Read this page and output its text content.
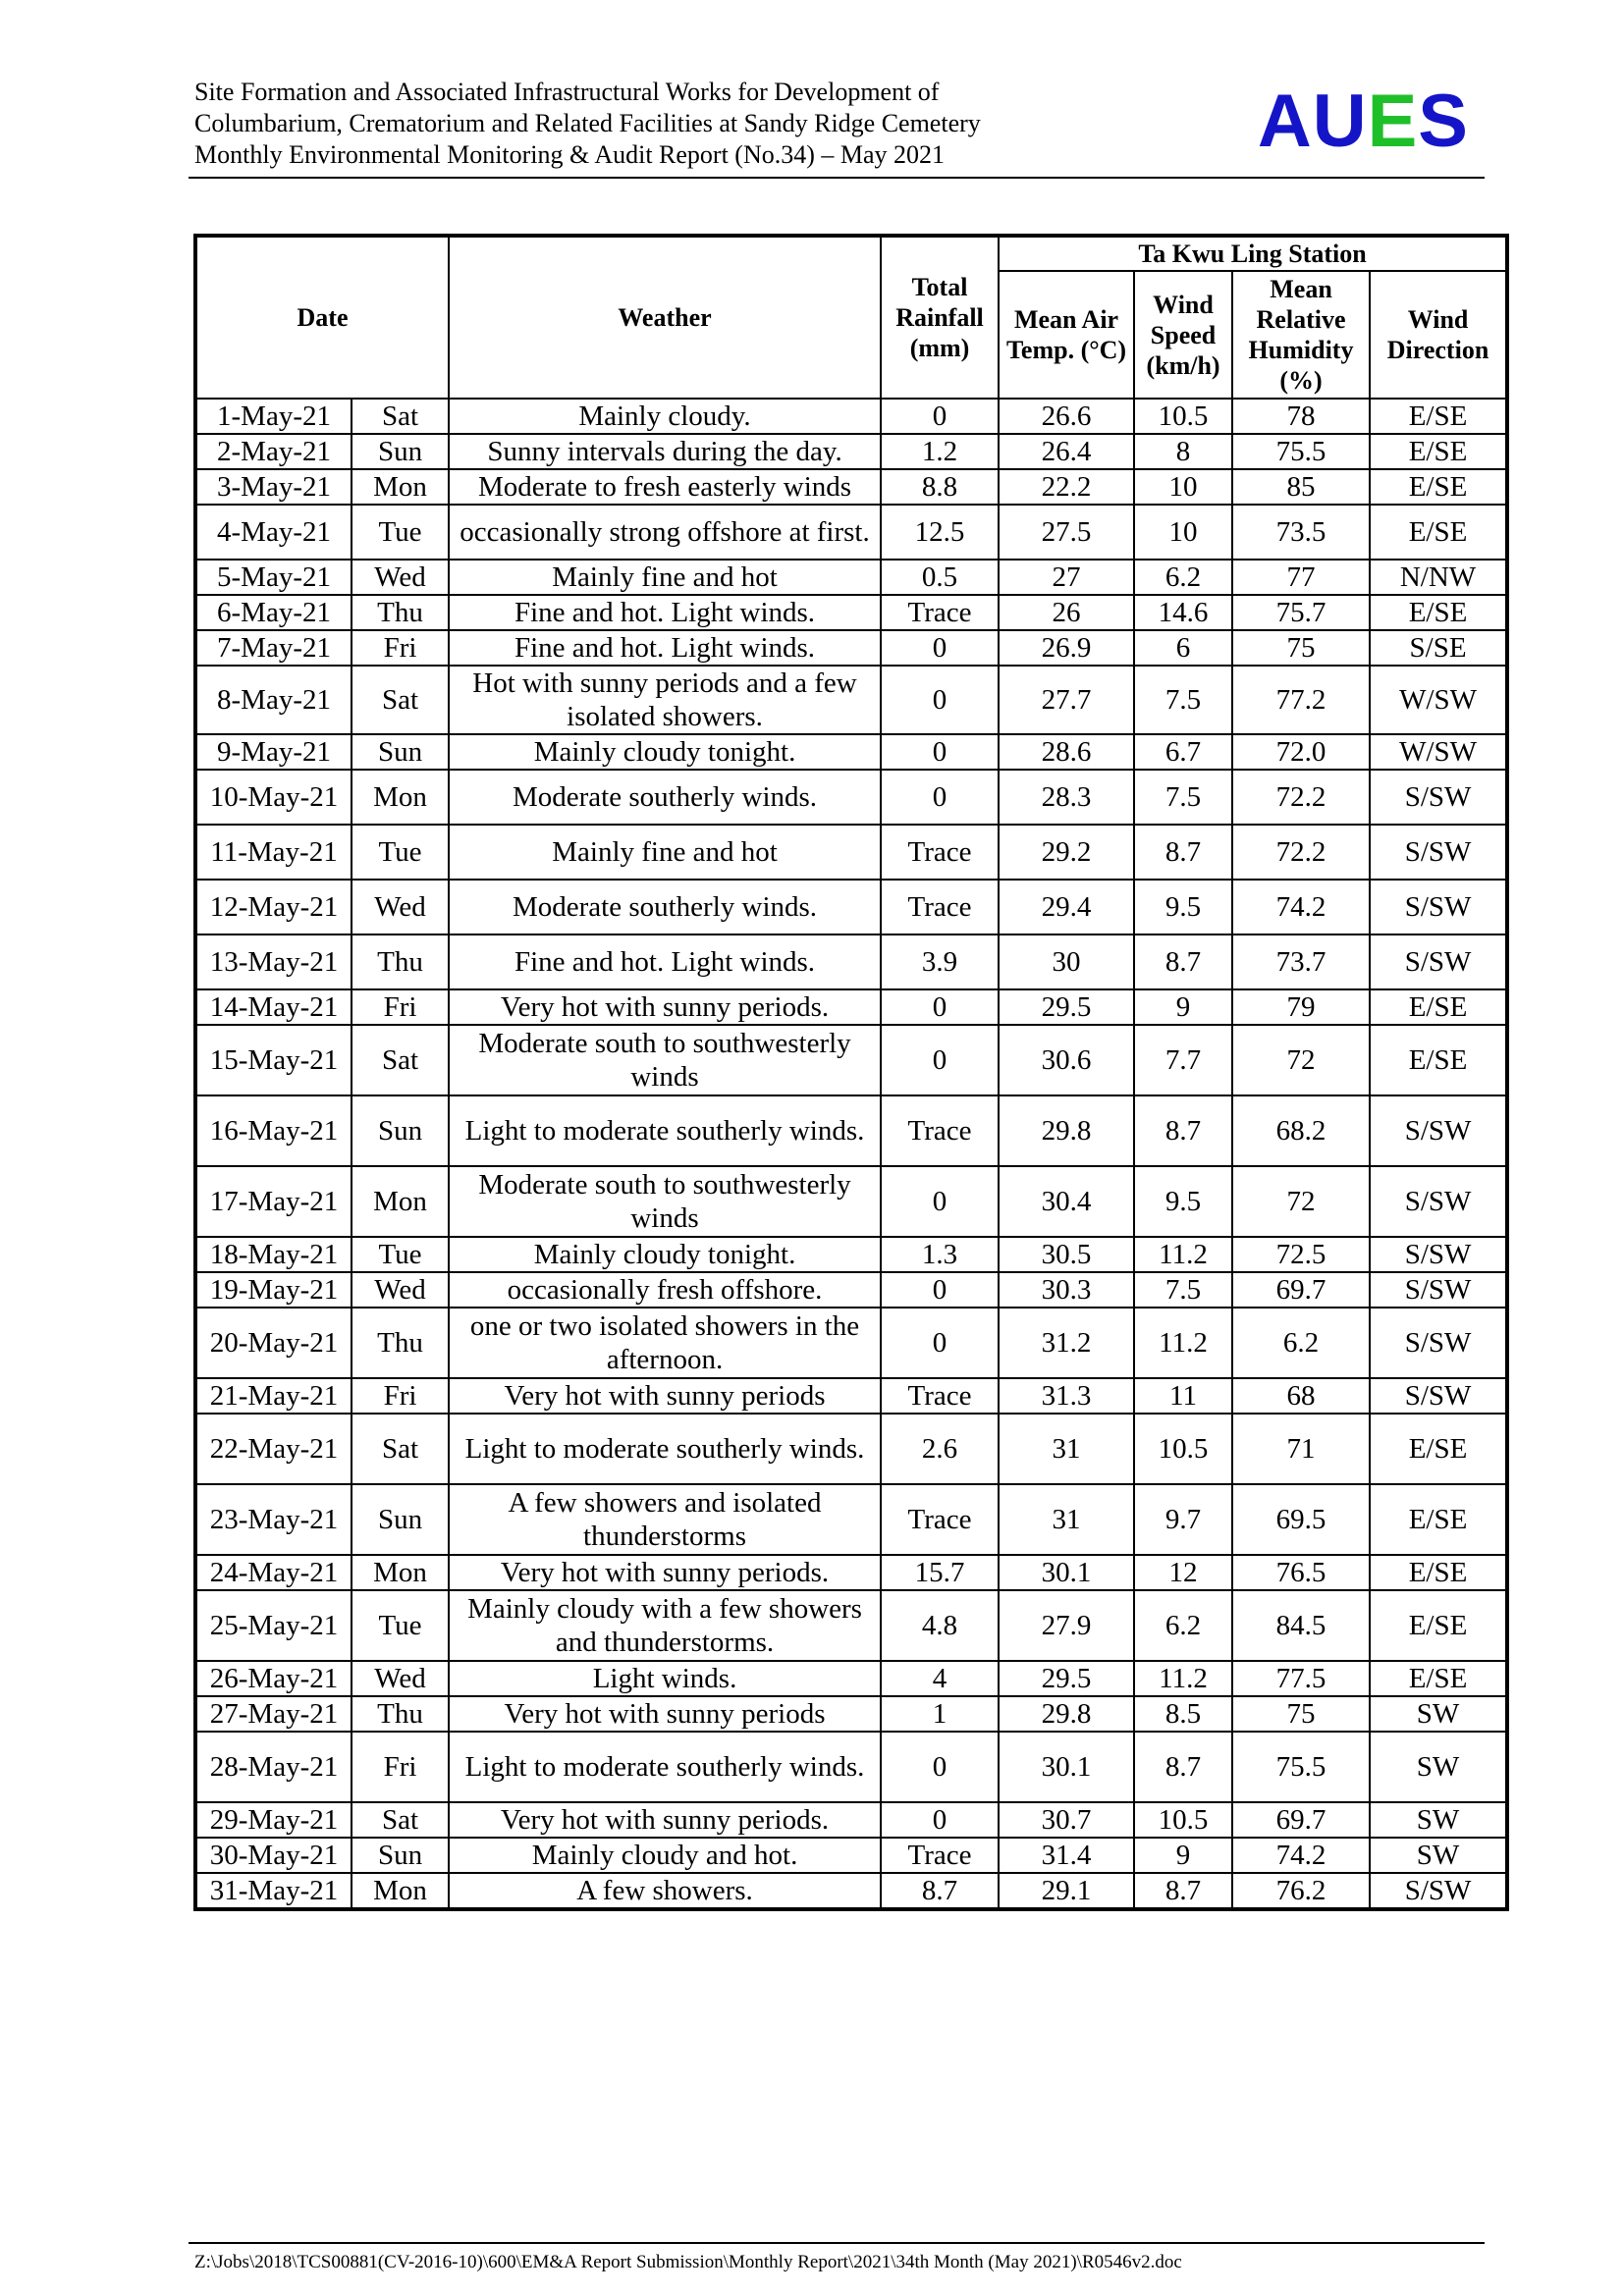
Site Formation and Associated Infrastructural Works for Development of
Columbarium, Crematorium and Related Facilities at Sandy Ridge Cemetery
Monthly Environmental Monitoring & Audit Report (No.34) – May 2021	AUES
Date		Weather	Total Rainfall (mm)	Ta Kwu Ling Station			
				Mean Air Temp. (°C)	Wind Speed (km/h)	Mean Relative Humidity (%)	Wind Direction
1-May-21	Sat	Mainly cloudy.	0	26.6	10.5	78	E/SE
2-May-21	Sun	Sunny intervals during the day.	1.2	26.4	8	75.5	E/SE
3-May-21	Mon	Moderate to fresh easterly winds	8.8	22.2	10	85	E/SE
4-May-21	Tue	occasionally strong offshore at first.	12.5	27.5	10	73.5	E/SE
5-May-21	Wed	Mainly fine and hot	0.5	27	6.2	77	N/NW
6-May-21	Thu	Fine and hot. Light winds.	Trace	26	14.6	75.7	E/SE
7-May-21	Fri	Fine and hot. Light winds.	0	26.9	6	75	S/SE
8-May-21	Sat	Hot with sunny periods and a few isolated showers.	0	27.7	7.5	77.2	W/SW
9-May-21	Sun	Mainly cloudy tonight.	0	28.6	6.7	72.0	W/SW
10-May-21	Mon	Moderate southerly winds.	0	28.3	7.5	72.2	S/SW
11-May-21	Tue	Mainly fine and hot	Trace	29.2	8.7	72.2	S/SW
12-May-21	Wed	Moderate southerly winds.	Trace	29.4	9.5	74.2	S/SW
13-May-21	Thu	Fine and hot. Light winds.	3.9	30	8.7	73.7	S/SW
14-May-21	Fri	Very hot with sunny periods.	0	29.5	9	79	E/SE
15-May-21	Sat	Moderate south to southwesterly winds	0	30.6	7.7	72	E/SE
16-May-21	Sun	Light to moderate southerly winds.	Trace	29.8	8.7	68.2	S/SW
17-May-21	Mon	Moderate south to southwesterly winds	0	30.4	9.5	72	S/SW
18-May-21	Tue	Mainly cloudy tonight.	1.3	30.5	11.2	72.5	S/SW
19-May-21	Wed	occasionally fresh offshore.	0	30.3	7.5	69.7	S/SW
20-May-21	Thu	one or two isolated showers in the afternoon.	0	31.2	11.2	6.2	S/SW
21-May-21	Fri	Very hot with sunny periods	Trace	31.3	11	68	S/SW
22-May-21	Sat	Light to moderate southerly winds.	2.6	31	10.5	71	E/SE
23-May-21	Sun	A few showers and isolated thunderstorms	Trace	31	9.7	69.5	E/SE
24-May-21	Mon	Very hot with sunny periods.	15.7	30.1	12	76.5	E/SE
25-May-21	Tue	Mainly cloudy with a few showers and thunderstorms.	4.8	27.9	6.2	84.5	E/SE
26-May-21	Wed	Light winds.	4	29.5	11.2	77.5	E/SE
27-May-21	Thu	Very hot with sunny periods	1	29.8	8.5	75	SW
28-May-21	Fri	Light to moderate southerly winds.	0	30.1	8.7	75.5	SW
29-May-21	Sat	Very hot with sunny periods.	0	30.7	10.5	69.7	SW
30-May-21	Sun	Mainly cloudy and hot.	Trace	31.4	9	74.2	SW
31-May-21	Mon	A few showers.	8.7	29.1	8.7	76.2	S/SW
Z:\Jobs\2018\TCS00881(CV-2016-10)\600\EM&A Report Submission\Monthly Report\2021\34th Month (May 2021)\R0546v2.doc
